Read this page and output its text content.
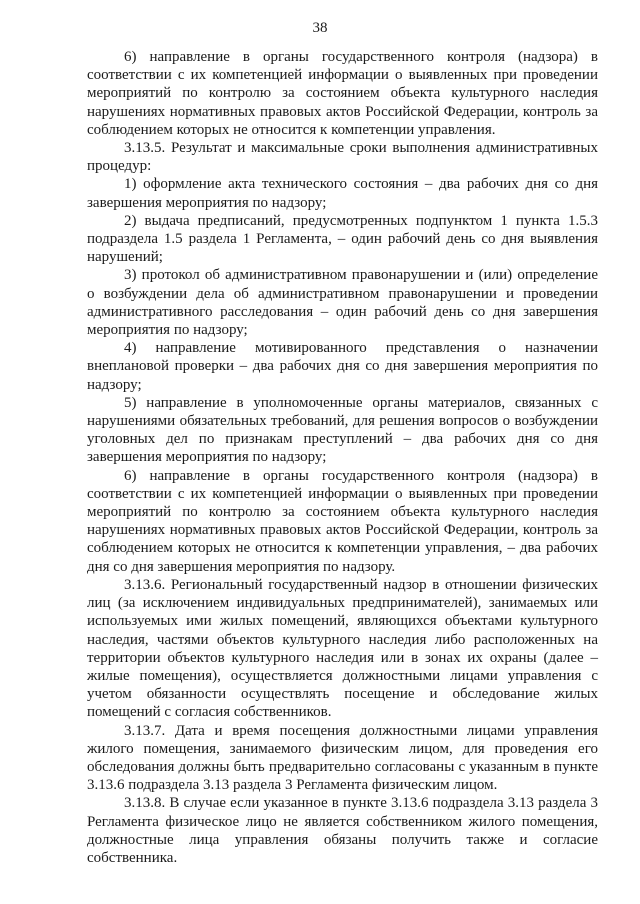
38

6) направление в органы государственного контроля (надзора) в соответствии с их компетенцией информации о выявленных при проведении мероприятий по контролю за состоянием объекта культурного наследия нарушениях нормативных правовых актов Российской Федерации, контроль за соблюдением которых не относится к компетенции управления.

3.13.5. Результат и максимальные сроки выполнения административных процедур:

1) оформление акта технического состояния – два рабочих дня со дня завершения мероприятия по надзору;

2) выдача предписаний, предусмотренных подпунктом 1 пункта 1.5.3 подраздела 1.5 раздела 1 Регламента, – один рабочий день со дня выявления нарушений;

3) протокол об административном правонарушении и (или) определение о возбуждении дела об административном правонарушении и проведении административного расследования – один рабочий день со дня завершения мероприятия по надзору;

4) направление мотивированного представления о назначении внеплановой проверки – два рабочих дня со дня завершения мероприятия по надзору;

5) направление в уполномоченные органы материалов, связанных с нарушениями обязательных требований, для решения вопросов о возбуждении уголовных дел по признакам преступлений – два рабочих дня со дня завершения мероприятия по надзору;

6) направление в органы государственного контроля (надзора) в соответствии с их компетенцией информации о выявленных при проведении мероприятий по контролю за состоянием объекта культурного наследия нарушениях нормативных правовых актов Российской Федерации, контроль за соблюдением которых не относится к компетенции управления, – два рабочих дня со дня завершения мероприятия по надзору.

3.13.6. Региональный государственный надзор в отношении физических лиц (за исключением индивидуальных предпринимателей), занимаемых или используемых ими жилых помещений, являющихся объектами культурного наследия, частями объектов культурного наследия либо расположенных на территории объектов культурного наследия или в зонах их охраны (далее – жилые помещения), осуществляется должностными лицами управления с учетом обязанности осуществлять посещение и обследование жилых помещений с согласия собственников.

3.13.7. Дата и время посещения должностными лицами управления жилого помещения, занимаемого физическим лицом, для проведения его обследования должны быть предварительно согласованы с указанным в пункте 3.13.6 подраздела 3.13 раздела 3 Регламента физическим лицом.

3.13.8. В случае если указанное в пункте 3.13.6 подраздела 3.13 раздела 3 Регламента физическое лицо не является собственником жилого помещения, должностные лица управления обязаны получить также и согласие собственника.
